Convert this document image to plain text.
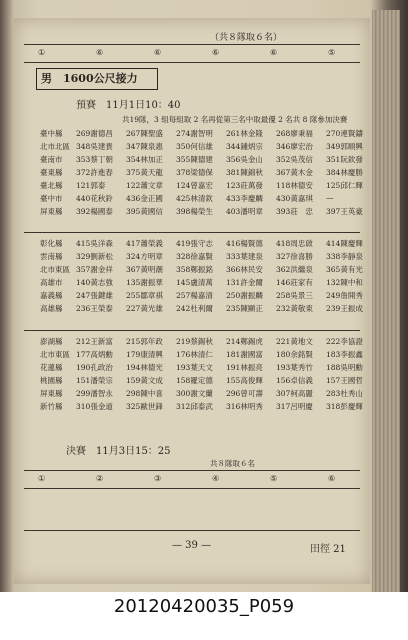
（共８隊取６名）
①	⑥	⑥	⑥	⑥	⑤
男　1600公尺接力
預賽　11月1日10：40
共19隊，3 組每組取 2 名再從第三名中取最優 2 名共 8 隊參加決賽
臺中縣	269謝德昌	267陳聖盛	274謝智明	261林金隆	268廖秉福	270連賢鑄
北市北區 348吳建貴	347陳泉惠	350何信雄	344鍾炳宗	346廖宏治	349郭順興
臺南市	353蔡丁朝	354林加正	355陳德建	356吳金山	352吳茂信	351阮欽發
臺東縣	372許進春	375黃天龍	378梁德保	381陳錦秋	367黃木金	384林慶勝
臺北縣	121郭泰	122蕭文章	124曾嘉宏	123莊萬發	118林德安	125邱仁輝
臺中市	440花秋鈴	436金正國	425林清欽	433李慶麟	430黃嘉琪	—
屏東縣	392楊國泰	395黃國信	398楊榮生	403潘明章	393莊　忠	397王英豪
彰化縣	415吳洋森	417蕭榮義	419張守志	416楊賢德	418周忠啟	414陳慶輝
雲南縣	329劉新松	324方明章	328徐嘉賢	333葉建泉	327徐喜勝	338李靜泉
北市東區 357謝金祥	367黃明潮	358鄭振銘	366林民安	362洪繼泉	365黃有光
高雄市	140黃志強	135謝振華	145盧清萬	131許金爾	146莊家有	132陳中和
嘉義縣	247張鍵雄	255鄒章祺	257楊嘉清	250謝振麟	258吳景三	249詹開秀
高雄縣	236王榮泰	227黃光雄	242杜利爾	235陳顯正	232黃敬東	239王振成
澎湖縣	212王新富	215郭年政	219蔡錫秋	214鄭錫虎	221黃地文	222李協證
北市東區 177高炳勳	179康清興	176林清仁	181謝國富	180余銘賢	183李振鑫
花蓮縣	190孔政治	194林德光	193葉天文	191林振亮	193葉秀竹	188吳明勳
桃園縣	151潘榮宗	159黃文成	158羅定德	155高俊輝	156卓信義	157王國哲
屏東縣	299潘智永	298陳中喜	300謝文蘭	296曾可壽	307柯高麗	283杜秀山
新竹縣	310張金道	325歐世鋒	312邱泰武	316林明秀	317呂明慶	318彭慶輝
決賽　11月3日15：25
共８隊取６名
①	②	③	④	⑤	⑥
— 39 —	田徑 21
20120420035_P059
